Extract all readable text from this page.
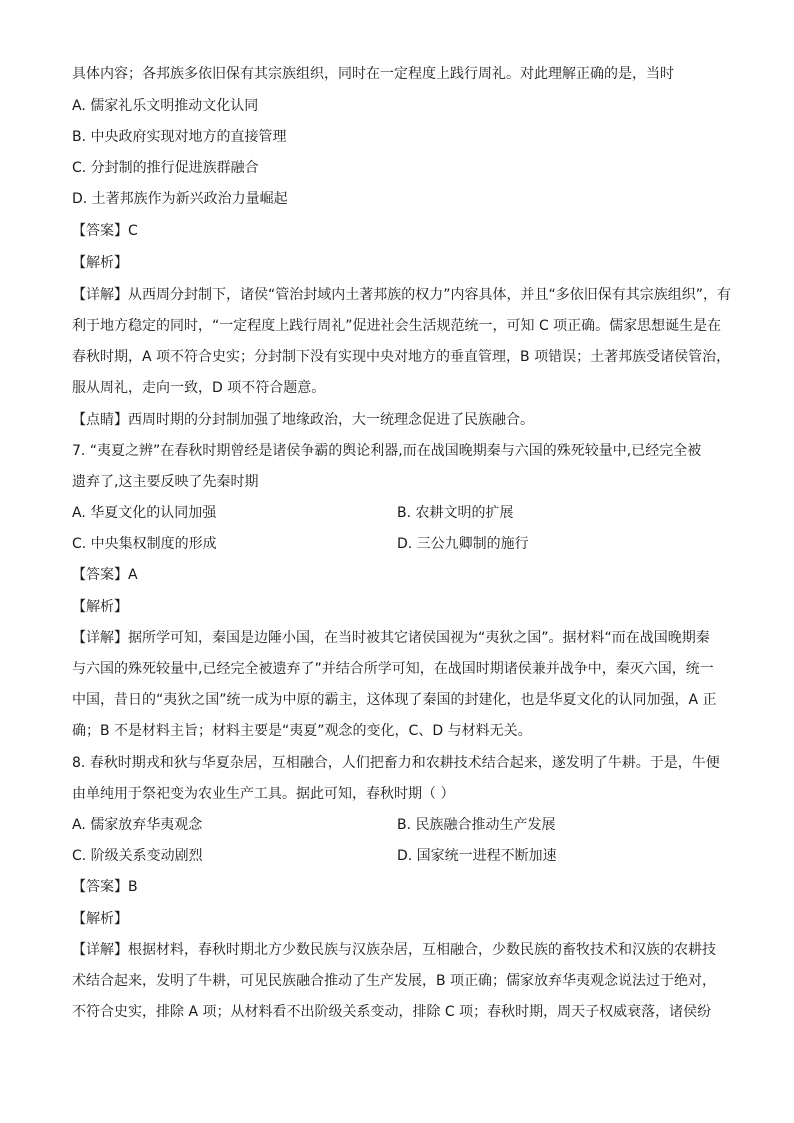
具体内容；各邦族多依旧保有其宗族组织，同时在一定程度上践行周礼。对此理解正确的是，当时
A. 儒家礼乐文明推动文化认同
B. 中央政府实现对地方的直接管理
C. 分封制的推行促进族群融合
D. 土著邦族作为新兴政治力量崛起
【答案】C
【解析】
【详解】从西周分封制下，诸侯“管治封域内土著邦族的权力”内容具体，并且“多依旧保有其宗族组织”，有
利于地方稳定的同时，“一定程度上践行周礼”促进社会生活规范统一，可知 C 项正确。儒家思想诞生是在
春秋时期，A 项不符合史实；分封制下没有实现中央对地方的垂直管理，B 项错误；土著邦族受诸侯管治，
服从周礼，走向一致，D 项不符合题意。
【点睛】西周时期的分封制加强了地缘政治，大一统理念促进了民族融合。
7. “夷夏之辨”在春秋时期曾经是诸侯争霸的舆论利器,而在战国晚期秦与六国的殊死较量中,已经完全被
遗弃了,这主要反映了先秦时期
A. 华夏文化的认同加强	B. 农耕文明的扩展
C. 中央集权制度的形成	D. 三公九卿制的施行
【答案】A
【解析】
【详解】据所学可知，秦国是边陲小国，在当时被其它诸侯国视为“夷狄之国”。据材料“而在战国晚期秦
与六国的殊死较量中,已经完全被遗弃了”并结合所学可知，在战国时期诸侯兼并战争中，秦灭六国，统一
中国，昔日的“夷狄之国”统一成为中原的霸主，这体现了秦国的封建化，也是华夏文化的认同加强，A 正
确；B 不是材料主旨；材料主要是“夷夏”观念的变化，C、D 与材料无关。
8. 春秋时期戎和狄与华夏杂居，互相融合，人们把畜力和农耕技术结合起来，遂发明了牛耕。于是，牛便
由单纯用于祭祀变为农业生产工具。据此可知，春秋时期（ ）
A. 儒家放弃华夷观念	B. 民族融合推动生产发展
C. 阶级关系变动剧烈	D. 国家统一进程不断加速
【答案】B
【解析】
【详解】根据材料，春秋时期北方少数民族与汉族杂居，互相融合，少数民族的畜牧技术和汉族的农耕技
术结合起来，发明了牛耕，可见民族融合推动了生产发展，B 项正确；儒家放弃华夷观念说法过于绝对，
不符合史实，排除 A 项；从材料看不出阶级关系变动，排除 C 项；春秋时期，周天子权威衰落，诸侯纷
